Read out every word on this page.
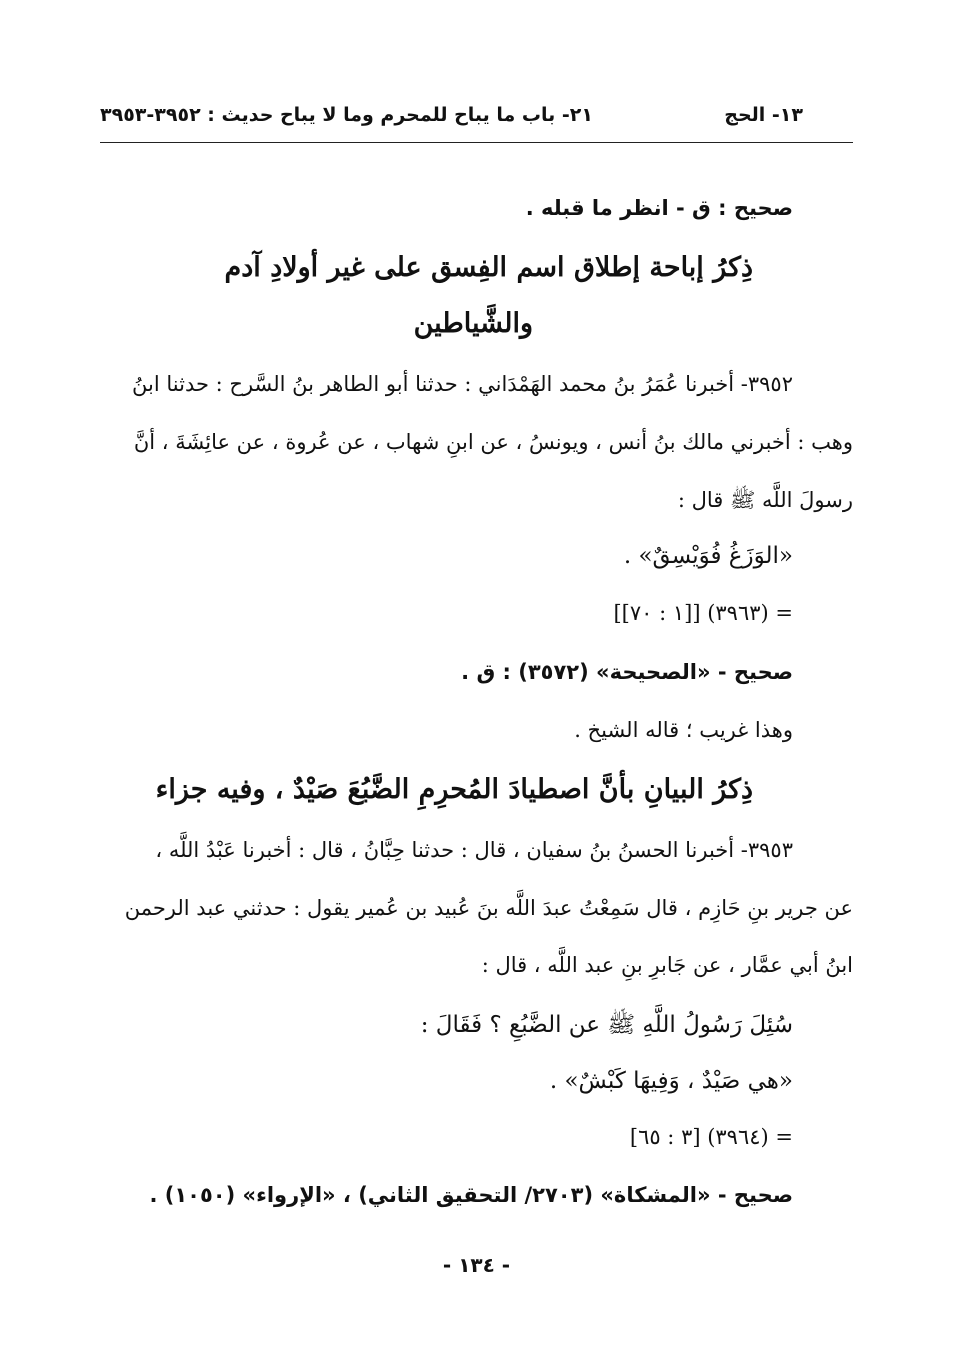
١٣- الحج
٢١- باب ما يباح للمحرم وما لا يباح
حديث : ٣٩٥٢-٣٩٥٣
صحيح : ق - انظر ما قبله .
ذِكرُ إباحة إطلاق اسم الفِسق على غير أولادِ آدم
والشَّياطين
٣٩٥٢- أخبرنا عُمَرُ بنُ محمد الهَمْدَاني : حدثنا أبو الطاهر بنُ السَّرح : حدثنا ابنُ
وهب : أخبرني مالك بنُ أنس ، ويونسُ ، عن ابنِ شهاب ، عن عُروة ، عن عائِشَةَ ، أنَّ
رسولَ اللَّه ﷺ قال :
«الوَزَغُ فُوَيْسِقٌ» .
= (٣٩٦٣) [[١ : ٧٠]]
صحيح - «الصحيحة» (٣٥٧٢) : ق .
وهذا غريب ؛ قاله الشيخ .
ذِكرُ البيانِ بأنَّ اصطيادَ المُحرِمِ الضَّبُعَ صَيْدٌ ، وفيه جزاء
٣٩٥٣- أخبرنا الحسنُ بنُ سفيان ، قال : حدثنا حِبَّانُ ، قال : أخبرنا عَبْدُ اللَّه ،
عن جرير بنِ حَازِم ، قال سَمِعْتُ عبدَ اللَّه بنَ عُبيد بن عُمير يقول : حدثني عبد الرحمن
ابنُ أبي عمَّار ، عن جَابرِ بنِ عبد اللَّه ، قال :
سُئِلَ رَسُولُ اللَّهِ ﷺ عن الضَّبُعِ ؟ فَقَالَ :
«هي صَيْدٌ ، وَفِيهَا كَبْشٌ» .
= (٣٩٦٤) [٣ : ٦٥]
صحيح - «المشكاة» (٢٧٠٣/ التحقيق الثاني) ، «الإرواء» (١٠٥٠) .
- ١٣٤ -
